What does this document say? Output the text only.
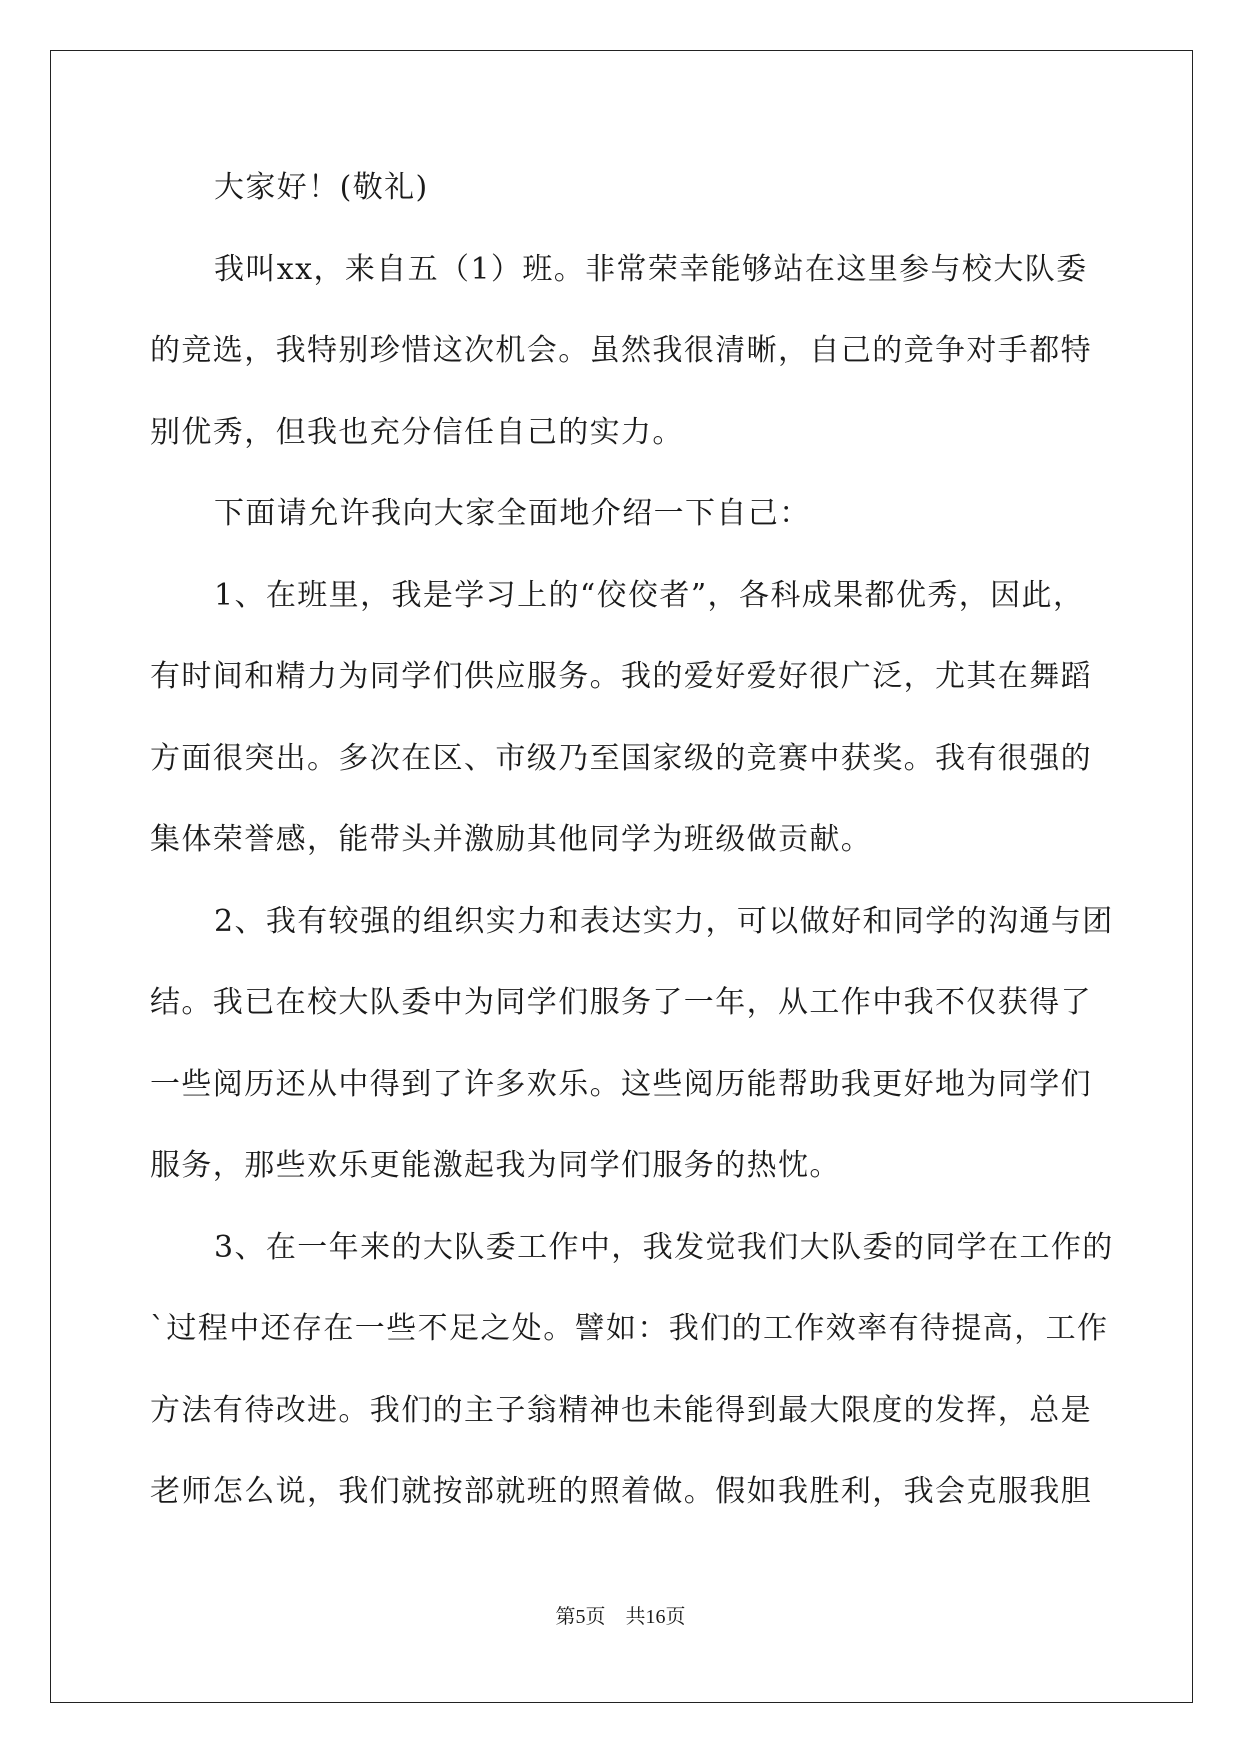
大家好！(敬礼)
我叫xx，来自五（1）班。非常荣幸能够站在这里参与校大队委
的竞选，我特别珍惜这次机会。虽然我很清晰，自己的竞争对手都特
别优秀，但我也充分信任自己的实力。
下面请允许我向大家全面地介绍一下自己：
1、在班里，我是学习上的“佼佼者”，各科成果都优秀，因此，
有时间和精力为同学们供应服务。我的爱好爱好很广泛，尤其在舞蹈
方面很突出。多次在区、市级乃至国家级的竞赛中获奖。我有很强的
集体荣誉感，能带头并激励其他同学为班级做贡献。
2、我有较强的组织实力和表达实力，可以做好和同学的沟通与团
结。我已在校大队委中为同学们服务了一年，从工作中我不仅获得了
一些阅历还从中得到了许多欢乐。这些阅历能帮助我更好地为同学们
服务，那些欢乐更能激起我为同学们服务的热忱。
3、在一年来的大队委工作中，我发觉我们大队委的同学在工作的
`过程中还存在一些不足之处。譬如：我们的工作效率有待提高，工作
方法有待改进。我们的主子翁精神也未能得到最大限度的发挥，总是
老师怎么说，我们就按部就班的照着做。假如我胜利，我会克服我胆
第5页　共16页
